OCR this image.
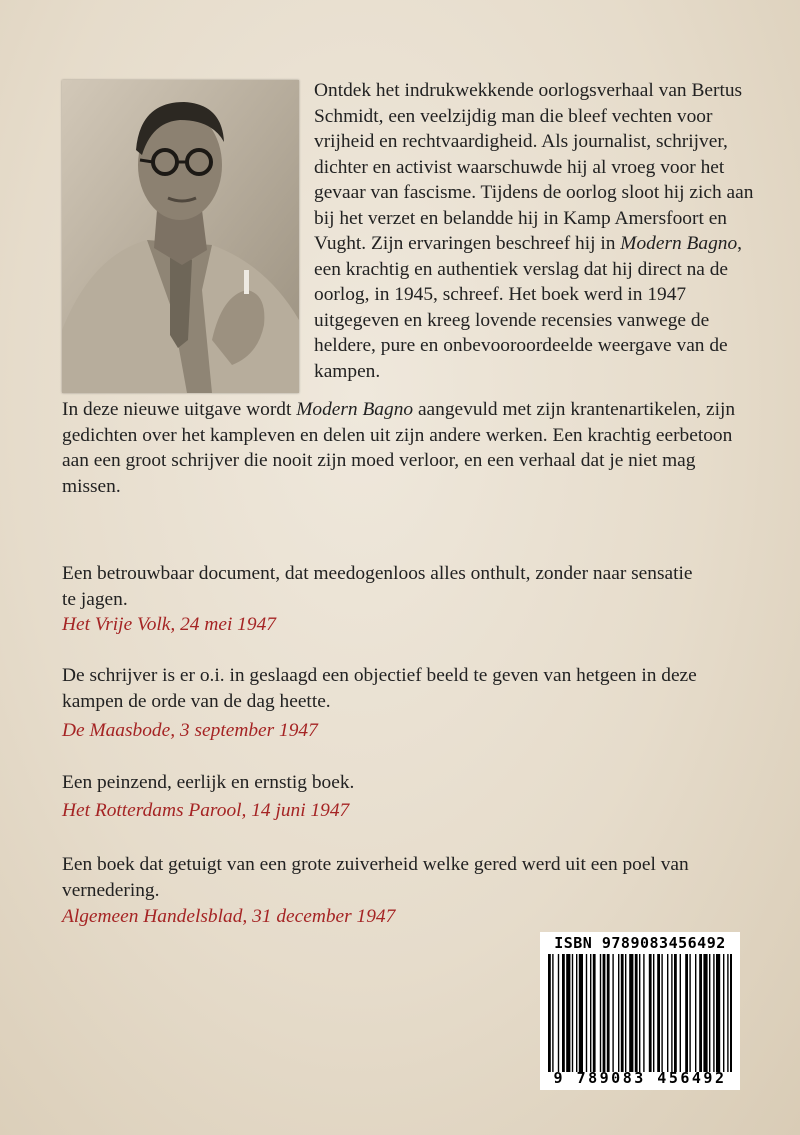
Ontdek het indrukwekkende oorlogsverhaal van Bertus Schmidt, een veelzijdig man die bleef vechten voor vrijheid en rechtvaardigheid. Als journalist, schrijver, dichter en activist waarschuwde hij al vroeg voor het gevaar van fascisme. Tijdens de oorlog sloot hij zich aan bij het verzet en belandde hij in Kamp Amersfoort en Vught. Zijn ervaringen beschreef hij in Modern Bagno, een krachtig en authentiek verslag dat hij direct na de oorlog, in 1945, schreef. Het boek werd in 1947 uitgegeven en kreeg lovende recensies vanwege de heldere, pure en onbevooroordeelde weergave van de kampen.

In deze nieuwe uitgave wordt Modern Bagno aangevuld met zijn krantenartikelen, zijn gedichten over het kampleven en delen uit zijn andere werken. Een krachtig eerbetoon aan een groot schrijver die nooit zijn moed verloor, en een verhaal dat je niet mag missen.

Een betrouwbaar document, dat meedogenloos alles onthult, zonder naar sensatie te jagen.

Het Vrije Volk, 24 mei 1947

De schrijver is er o.i. in geslaagd een objectief beeld te geven van hetgeen in deze kampen de orde van de dag heette.

De Maasbode, 3 september 1947

Een peinzend, eerlijk en ernstig boek.

Het Rotterdams Parool, 14 juni 1947

Een boek dat getuigt van een grote zuiverheid welke gered werd uit een poel van vernedering.

Algemeen Handelsblad, 31 december 1947

ISBN 9789083456492
9 789083 456492
